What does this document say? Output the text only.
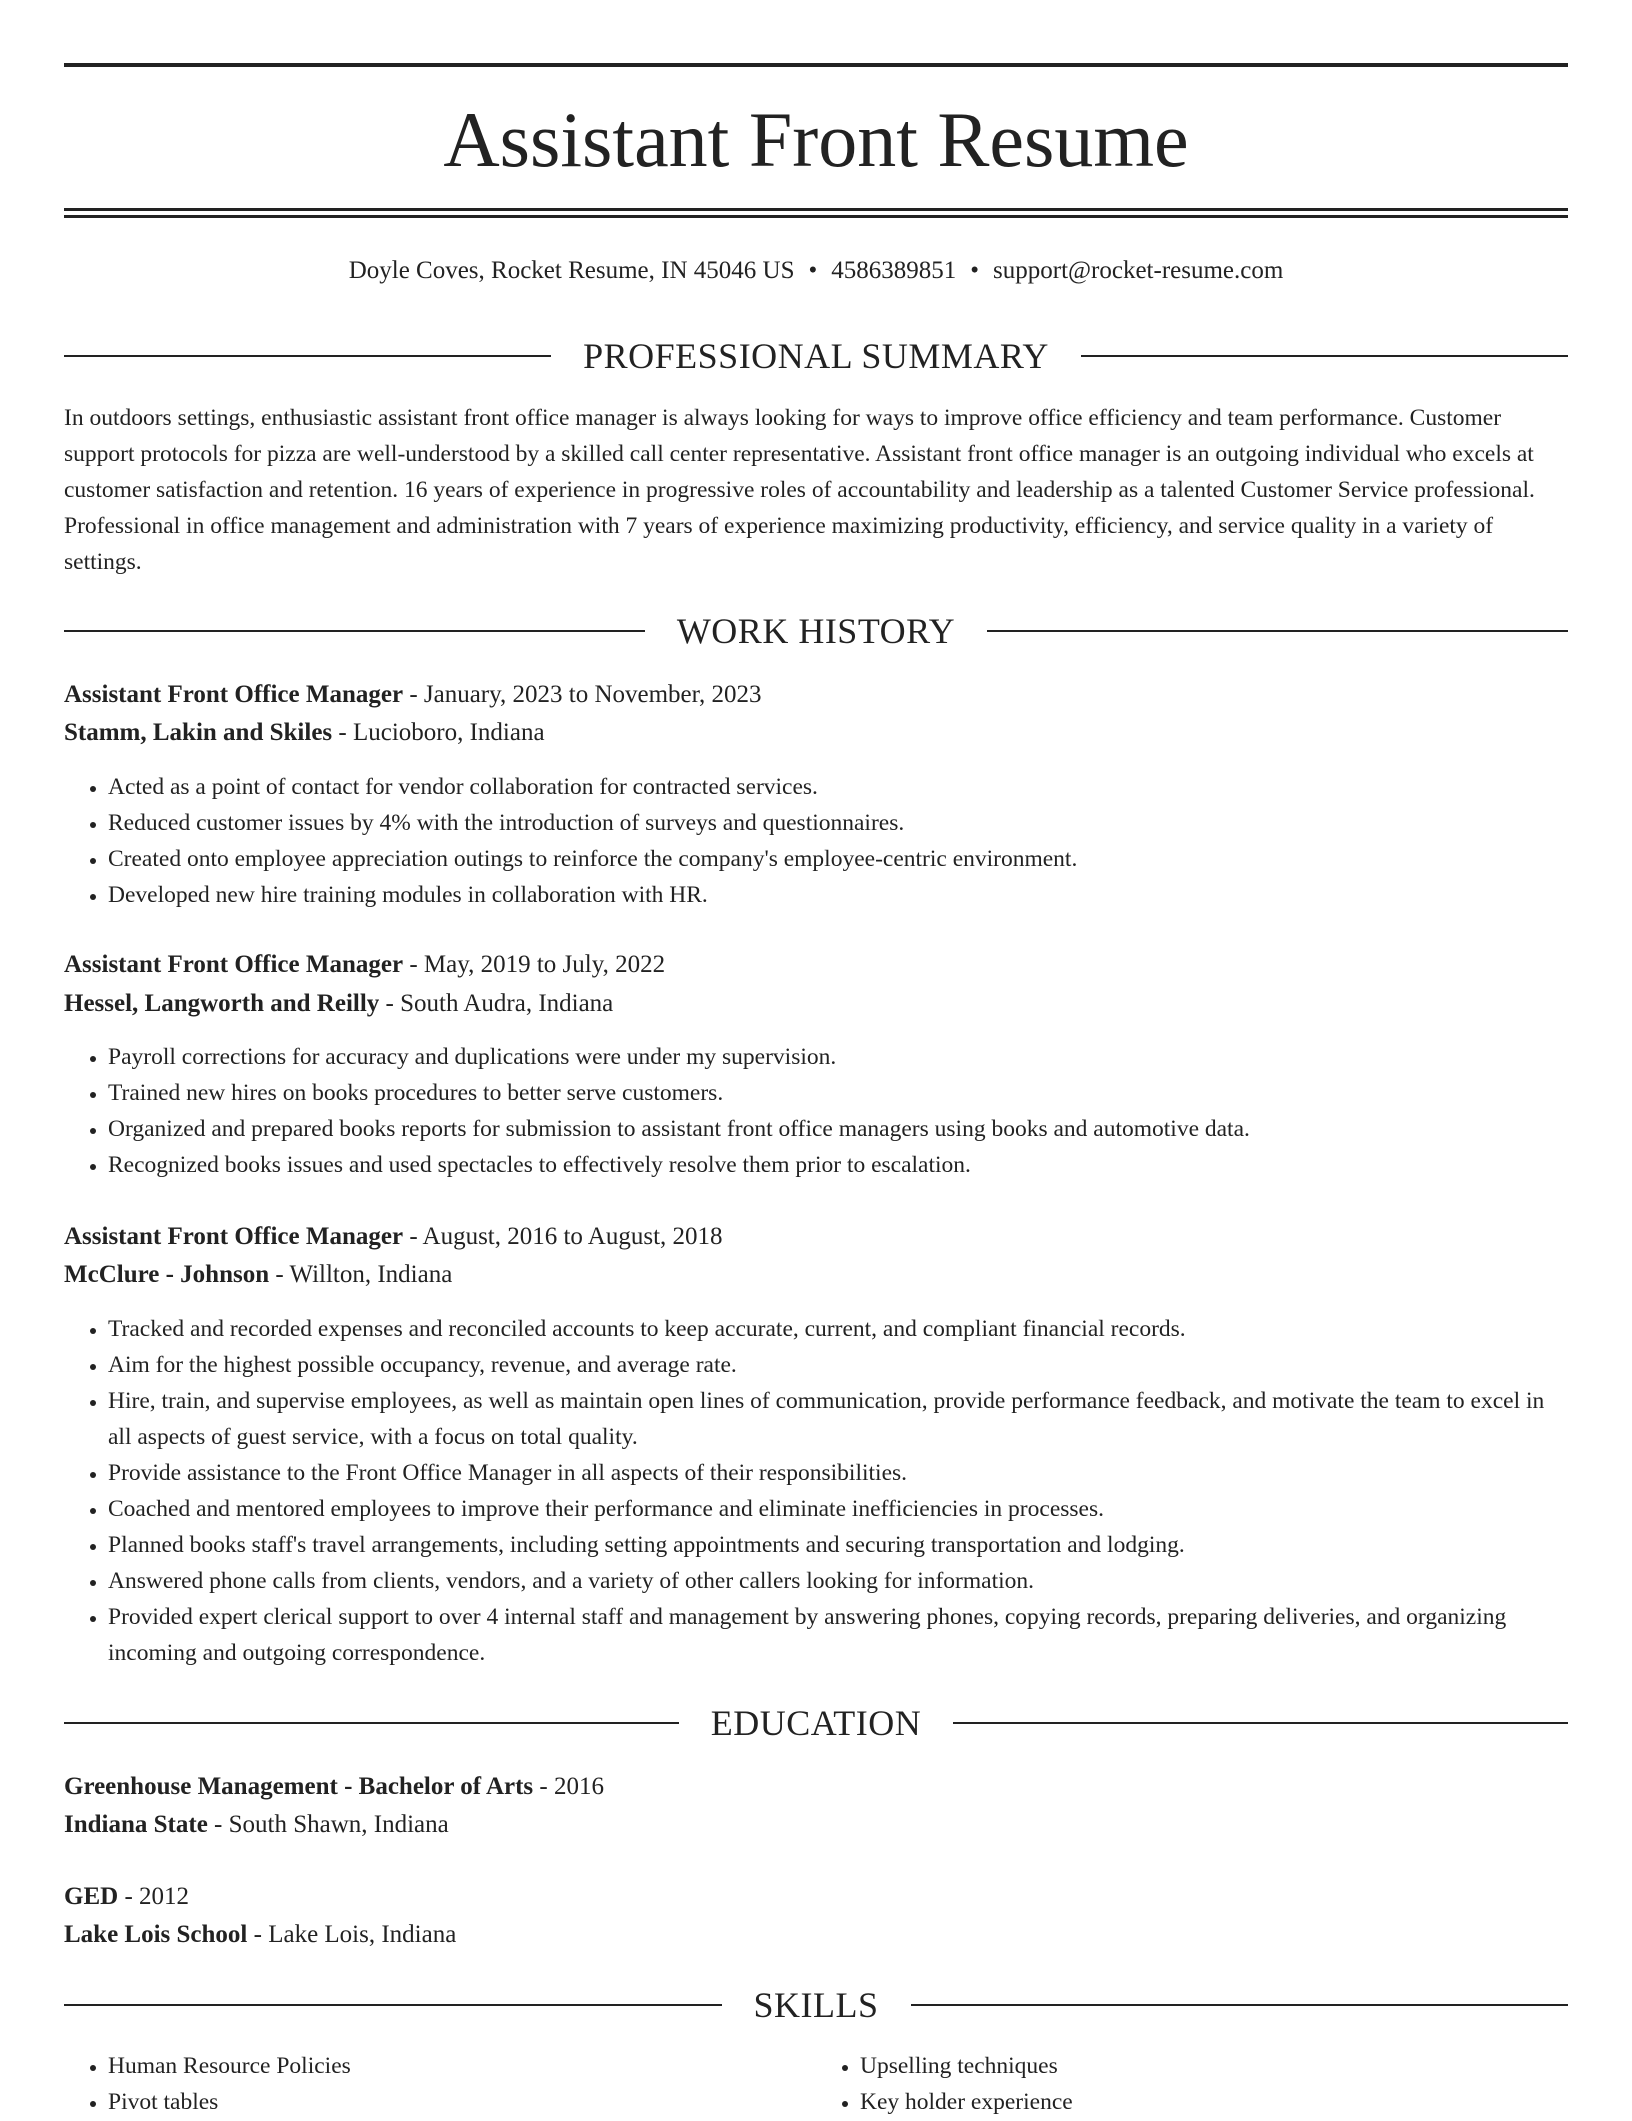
Assistant Front Resume
Doyle Coves, Rocket Resume, IN 45046 US • 4586389851 • support@rocket-resume.com
PROFESSIONAL SUMMARY

In outdoors settings, enthusiastic assistant front office manager is always looking for ways to improve office efficiency and team performance. Customer support protocols for pizza are well-understood by a skilled call center representative. Assistant front office manager is an outgoing individual who excels at customer satisfaction and retention. 16 years of experience in progressive roles of accountability and leadership as a talented Customer Service professional. Professional in office management and administration with 7 years of experience maximizing productivity, efficiency, and service quality in a variety of settings.

WORK HISTORY
Assistant Front Office Manager - January, 2023 to November, 2023
Stamm, Lakin and Skiles - Lucioboro, Indiana
• Acted as a point of contact for vendor collaboration for contracted services.
• Reduced customer issues by 4% with the introduction of surveys and questionnaires.
• Created onto employee appreciation outings to reinforce the company's employee-centric environment.
• Developed new hire training modules in collaboration with HR.
Assistant Front Office Manager - May, 2019 to July, 2022
Hessel, Langworth and Reilly - South Audra, Indiana
• Payroll corrections for accuracy and duplications were under my supervision.
• Trained new hires on books procedures to better serve customers.
• Organized and prepared books reports for submission to assistant front office managers using books and automotive data.
• Recognized books issues and used spectacles to effectively resolve them prior to escalation.
Assistant Front Office Manager - August, 2016 to August, 2018
McClure - Johnson - Willton, Indiana
• Tracked and recorded expenses and reconciled accounts to keep accurate, current, and compliant financial records.
• Aim for the highest possible occupancy, revenue, and average rate.
• Hire, train, and supervise employees, as well as maintain open lines of communication, provide performance feedback, and motivate the team to excel in all aspects of guest service, with a focus on total quality.
• Provide assistance to the Front Office Manager in all aspects of their responsibilities.
• Coached and mentored employees to improve their performance and eliminate inefficiencies in processes.
• Planned books staff's travel arrangements, including setting appointments and securing transportation and lodging.
• Answered phone calls from clients, vendors, and a variety of other callers looking for information.
• Provided expert clerical support to over 4 internal staff and management by answering phones, copying records, preparing deliveries, and organizing incoming and outgoing correspondence.
EDUCATION
Greenhouse Management - Bachelor of Arts - 2016
Indiana State - South Shawn, Indiana
GED - 2012
Lake Lois School - Lake Lois, Indiana
SKILLS
• Human Resource Policies
• Pivot tables
• Upselling techniques
• Key holder experience
